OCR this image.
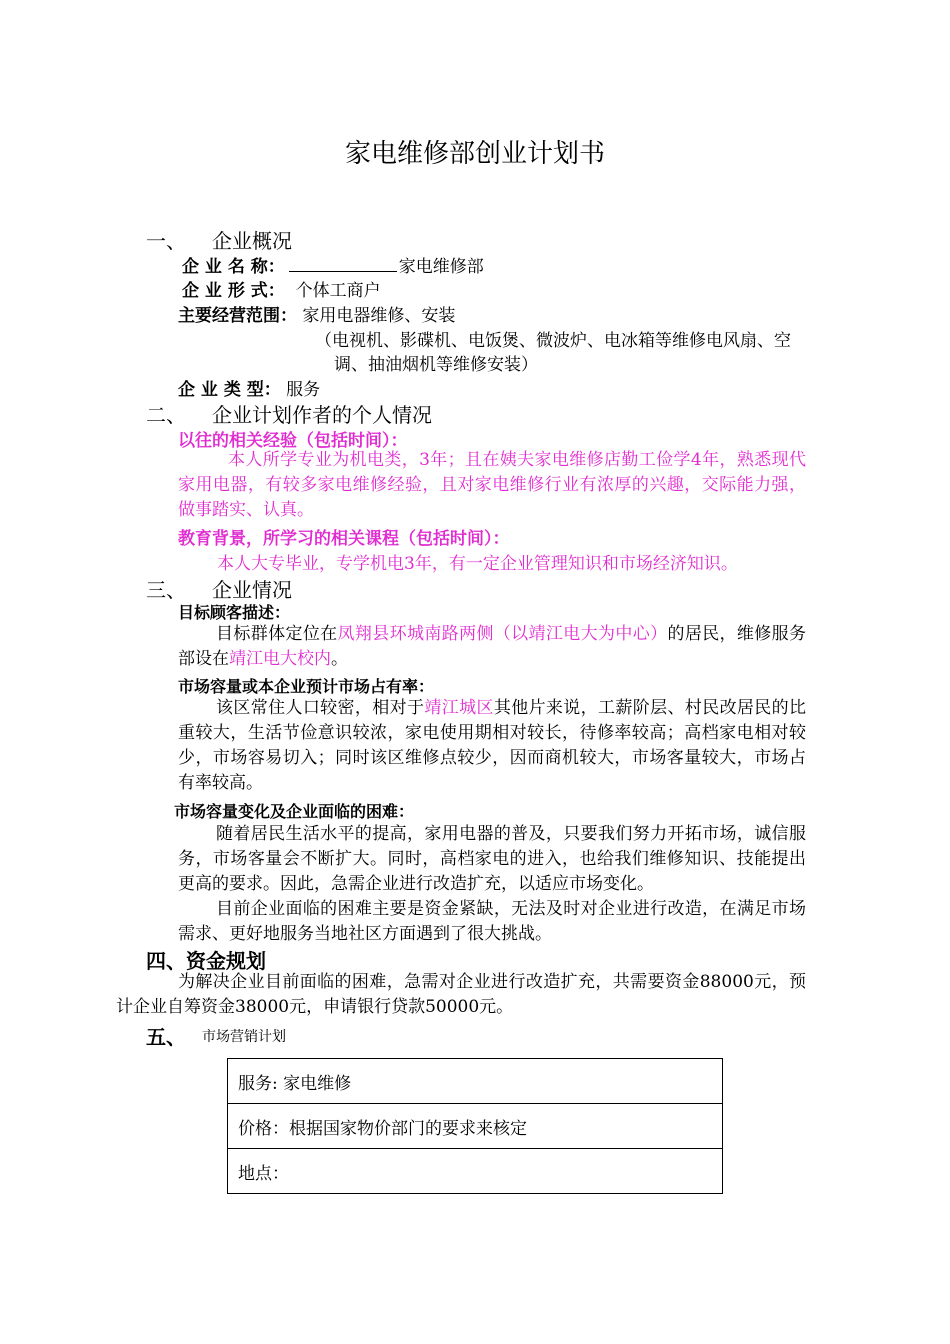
家电维修部创业计划书
一、 企业概况
企 业 名 称：	家电维修部
企 业 形 式： 个体工商户
主要经营范围： 家用电器维修、安装
（电视机、影碟机、电饭煲、微波炉、电冰箱等维修电风扇、空
调、抽油烟机等维修安装）
企 业 类 型： 服务
二、 企业计划作者的个人情况
以往的相关经验（包括时间）：
本人所学专业为机电类，3年；且在姨夫家电维修店勤工俭学4年，熟悉现代家用电器，有较多家电维修经验，且对家电维修行业有浓厚的兴趣，交际能力强，做事踏实、认真。
教育背景，所学习的相关课程（包括时间）：
本人大专毕业，专学机电3年，有一定企业管理知识和市场经济知识。
三、 企业情况
目标顾客描述：
目标群体定位在凤翔县环城南路两侧（以靖江电大为中心）的居民，维修服务部设在靖江电大校内。
市场容量或本企业预计市场占有率：
该区常住人口较密，相对于靖江城区其他片来说，工薪阶层、村民改居民的比重较大，生活节俭意识较浓，家电使用期相对较长，待修率较高；高档家电相对较少，市场容易切入；同时该区维修点较少，因而商机较大，市场客量较大，市场占有率较高。
市场容量变化及企业面临的困难：
随着居民生活水平的提高，家用电器的普及，只要我们努力开拓市场，诚信服务，市场客量会不断扩大。同时，高档家电的进入，也给我们维修知识、技能提出更高的要求。因此，急需企业进行改造扩充，以适应市场变化。
目前企业面临的困难主要是资金紧缺，无法及时对企业进行改造，在满足市场需求、更好地服务当地社区方面遇到了很大挑战。
四、资金规划
为解决企业目前面临的困难，急需对企业进行改造扩充，共需要资金88000元，预计企业自筹资金38000元，申请银行贷款50000元。
五、 市场营销计划
服务: 家电维修
价格：根据国家物价部门的要求来核定
地点：
